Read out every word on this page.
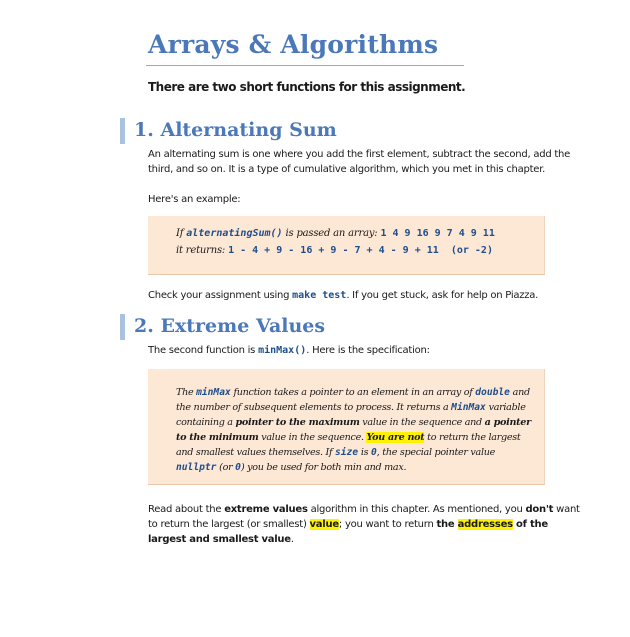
Arrays & Algorithms

There are two short functions for this assignment.

1. Alternating Sum

An alternating sum is one where you add the first element, subtract the second, add the third, and so on. It is a type of cumulative algorithm, which you met in this chapter.

Here's an example:

If alternatingSum() is passed an array: 1 4 9 16 9 7 4 9 11
it returns: 1 - 4 + 9 - 16 + 9 - 7 + 4 - 9 + 11  (or -2)

Check your assignment using make test. If you get stuck, ask for help on Piazza.

2. Extreme Values

The second function is minMax(). Here is the specification:

The minMax function takes a pointer to an element in an array of double and the number of subsequent elements to process. It returns a MinMax variable containing a pointer to the maximum value in the sequence and a pointer to the minimum value in the sequence. You are not to return the largest and smallest values themselves. If size is 0, the special pointer value nullptr (or 0) you be used for both min and max.

Read about the extreme values algorithm in this chapter. As mentioned, you don't want to return the largest (or smallest) value; you want to return the addresses of the largest and smallest value.
